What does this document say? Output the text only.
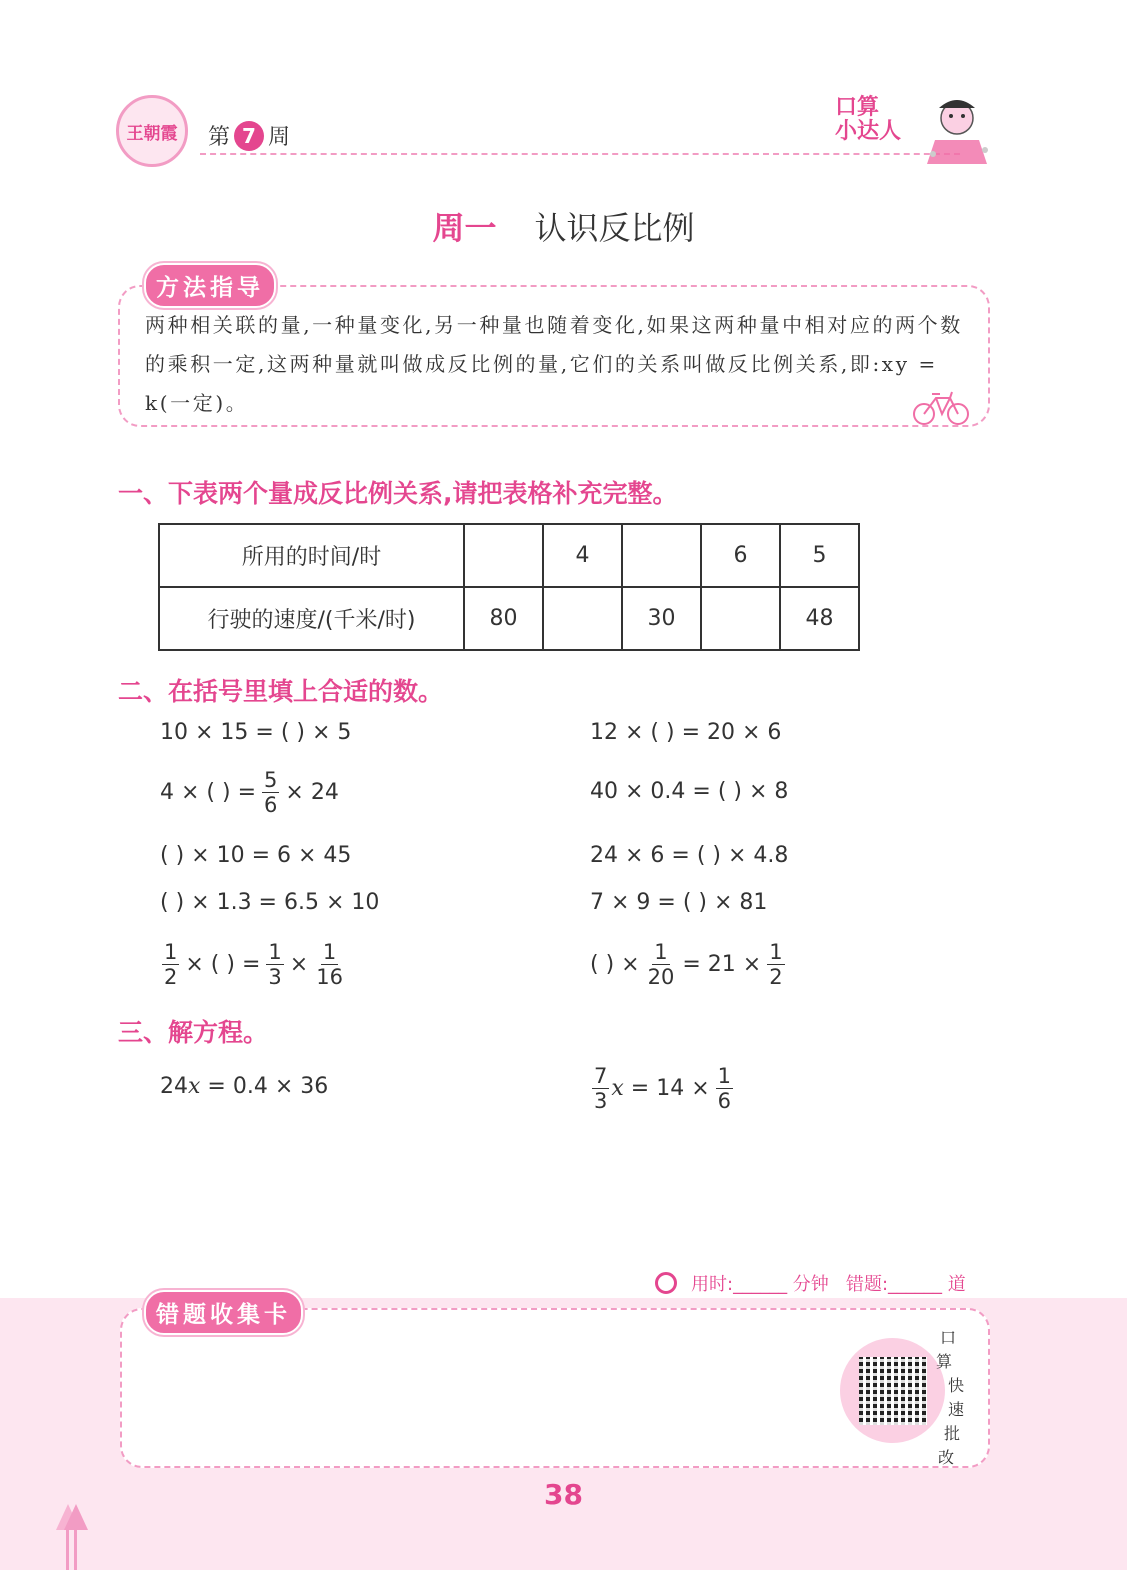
王朝霞 第 7 周
口算
小达人
周一 认识反比例
方法指导
两种相关联的量,一种量变化,另一种量也随着变化,如果这两种量中相对应的两个数的乘积一定,这两种量就叫做成反比例的量,它们的关系叫做反比例关系,即:xy = k(一定)。
一、下表两个量成反比例关系,请把表格补充完整。
所用的时间/时		4		6	5
行驶的速度/(千米/时)	80		30		48
二、在括号里填上合适的数。
10 × 15 = ( ) × 5	12 × ( ) = 20 × 6
4 × ( ) = $\frac{5}{6} \times 24$	40 × 0.4 = ( ) × 8
( ) × 10 = 6 × 45	24 × 6 = ( ) × 4.8
( ) × 1.3 = 6.5 × 10	7 × 9 = ( ) × 81
$\frac{1}{2}$ × ( ) = $\frac{1}{3} \times \frac{1}{16}$	( ) × $\frac{1}{20} = 21 \times \frac{1}{2}$
三、解方程。
24 x = 0.4 × 36	$\frac{7}{3}$ $x = 14 \times \frac{1}{6}$
用时:______ 分钟   错题:______ 道
错题收集卡
口
算
快
速
批
改
38
